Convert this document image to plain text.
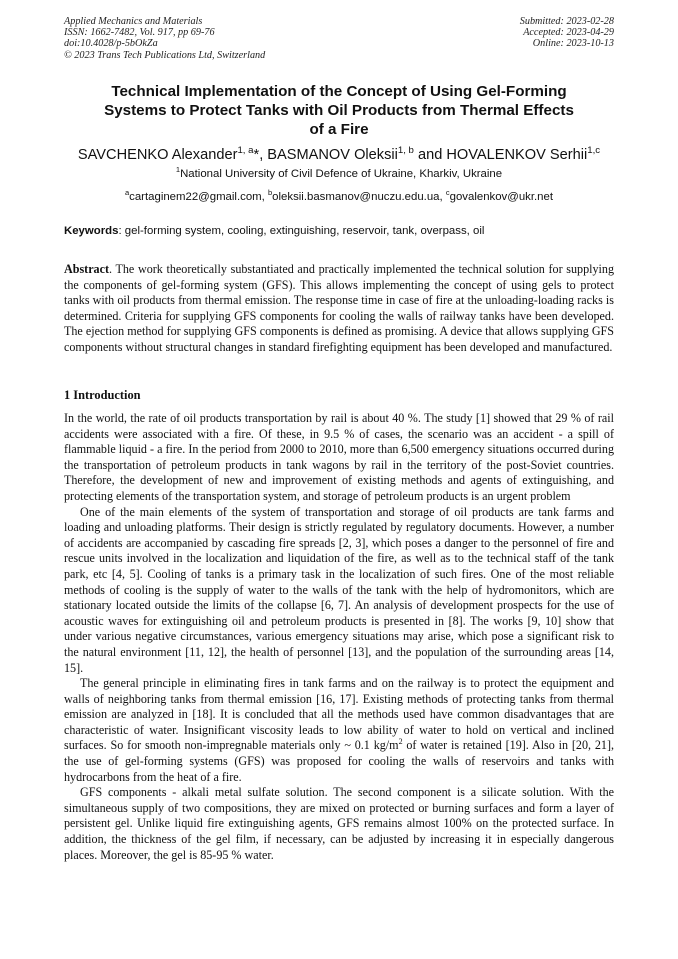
Applied Mechanics and Materials
ISSN: 1662-7482, Vol. 917, pp 69-76
doi:10.4028/p-5bOkZa
© 2023 Trans Tech Publications Ltd, Switzerland
Submitted: 2023-02-28
Accepted: 2023-04-29
Online: 2023-10-13
Technical Implementation of the Concept of Using Gel-Forming
Systems to Protect Tanks with Oil Products from Thermal Effects
of a Fire
SAVCHENKO Alexander$^{1, a}$*, BASMANOV Oleksii$^{1, b}$ and HOVALENKOV Serhii$^{1,c}$
$^1$National University of Civil Defence of Ukraine, Kharkiv, Ukraine
$^a$cartaginem22@gmail.com, $^b$oleksii.basmanov@nuczu.edu.ua, $^c$govalenkov@ukr.net
Keywords: gel-forming system, cooling, extinguishing, reservoir, tank, overpass, oil

Abstract. The work theoretically substantiated and practically implemented the technical solution for supplying the components of gel-forming system (GFS). This allows implementing the concept of using gels to protect tanks with oil products from thermal emission. The response time in case of fire at the unloading-loading racks is determined. Criteria for supplying GFS components for cooling the walls of railway tanks have been developed. The ejection method for supplying GFS components is defined as promising. A device that allows supplying GFS components without structural changes in standard firefighting equipment has been developed and manufactured.

1 Introduction

In the world, the rate of oil products transportation by rail is about 40 %. The study [1] showed that 29 % of rail accidents were associated with a fire. Of these, in 9.5 % of cases, the scenario was an accident - a spill of flammable liquid - a fire. In the period from 2000 to 2010, more than 6,500 emergency situations occurred during the transportation of petroleum products in tank wagons by rail in the territory of the post-Soviet countries. Therefore, the development of new and improvement of existing methods and agents of extinguishing, and protecting elements of the transportation system, and storage of petroleum products is an urgent problem

One of the main elements of the system of transportation and storage of oil products are tank farms and loading and unloading platforms. Their design is strictly regulated by regulatory documents. However, a number of accidents are accompanied by cascading fire spreads [2, 3], which poses a danger to the personnel of fire and rescue units involved in the localization and liquidation of the fire, as well as to the technical staff of the tank park, etc [4, 5]. Cooling of tanks is a primary task in the localization of such fires. One of the most reliable methods of cooling is the supply of water to the walls of the tank with the help of hydromonitors, which are stationary located outside the limits of the collapse [6, 7]. An analysis of development prospects for the use of acoustic waves for extinguishing oil and petroleum products is presented in [8]. The works [9, 10] show that under various negative circumstances, various emergency situations may arise, which pose a significant risk to the natural environment [11, 12], the health of personnel [13], and the population of the surrounding areas [14, 15].

The general principle in eliminating fires in tank farms and on the railway is to protect the equipment and walls of neighboring tanks from thermal emission [16, 17]. Existing methods of protecting tanks from thermal emission are analyzed in [18]. It is concluded that all the methods used have common disadvantages that are characteristic of water. Insignificant viscosity leads to low ability of water to hold on vertical and inclined surfaces. So for smooth non-impregnable materials only ~ 0.1 $kg/m^2$ of water is retained [19]. Also in [20, 21], the use of gel-forming systems (GFS) was proposed for cooling the walls of reservoirs and tanks with hydrocarbons from the heat of a fire.

GFS components - alkali metal sulfate solution. The second component is a silicate solution. With the simultaneous supply of two compositions, they are mixed on protected or burning surfaces and form a layer of persistent gel. Unlike liquid fire extinguishing agents, GFS remains almost 100% on the protected surface. In addition, the thickness of the gel film, if necessary, can be adjusted by increasing it in especially dangerous places. Moreover, the gel is 85-95 % water.
